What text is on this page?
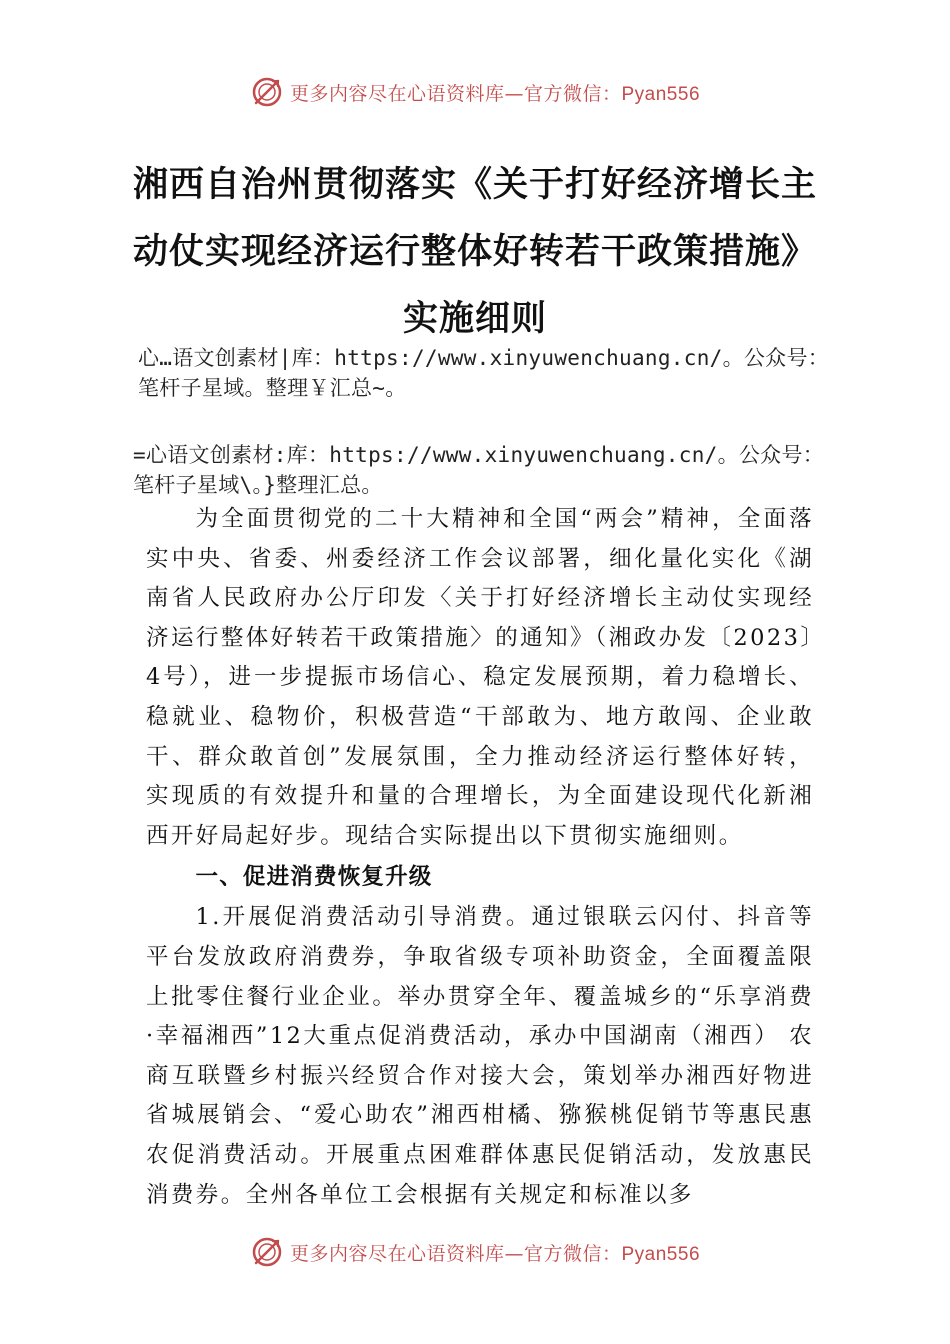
更多内容尽在心语资料库—官方微信：Pyan556
湘西自治州贯彻落实《关于打好经济增长主动仗实现经济运行整体好转若干政策措施》实施细则
心…语文创素材|库：https://www.xinyuwenchuang.cn/。公众号：笔杆子星域。整理￥汇总~。
=心语文创素材:库：https://www.xinyuwenchuang.cn/。公众号：笔杆子星域\。}整理汇总。

为全面贯彻党的二十大精神和全国“两会”精神，全面落实中央、省委、州委经济工作会议部署，细化量化实化《湖南省人民政府办公厅印发〈关于打好经济增长主动仗实现经济运行整体好转若干政策措施〉的通知》（湘政办发〔2023〕4号），进一步提振市场信心、稳定发展预期，着力稳增长、稳就业、稳物价，积极营造“干部敢为、地方敢闯、企业敢干、群众敢首创”发展氛围，全力推动经济运行整体好转， 实现质的有效提升和量的合理增长，为全面建设现代化新湘西开好局起好步。现结合实际提出以下贯彻实施细则。

一、促进消费恢复升级

1.开展促消费活动引导消费。通过银联云闪付、抖音等平台发放政府消费券，争取省级专项补助资金，全面覆盖限上批零住餐行业企业。举办贯穿全年、覆盖城乡的“乐享消费·幸福湘西”12大重点促消费活动，承办中国湖南（湘西） 农商互联暨乡村振兴经贸合作对接大会，策划举办湘西好物进省城展销会、“爱心助农”湘西柑橘、猕猴桃促销节等惠民惠农促消费活动。开展重点困难群体惠民促销活动，发放惠民消费券。全州各单位工会根据有关规定和标准以多

更多内容尽在心语资料库—官方微信：Pyan556
